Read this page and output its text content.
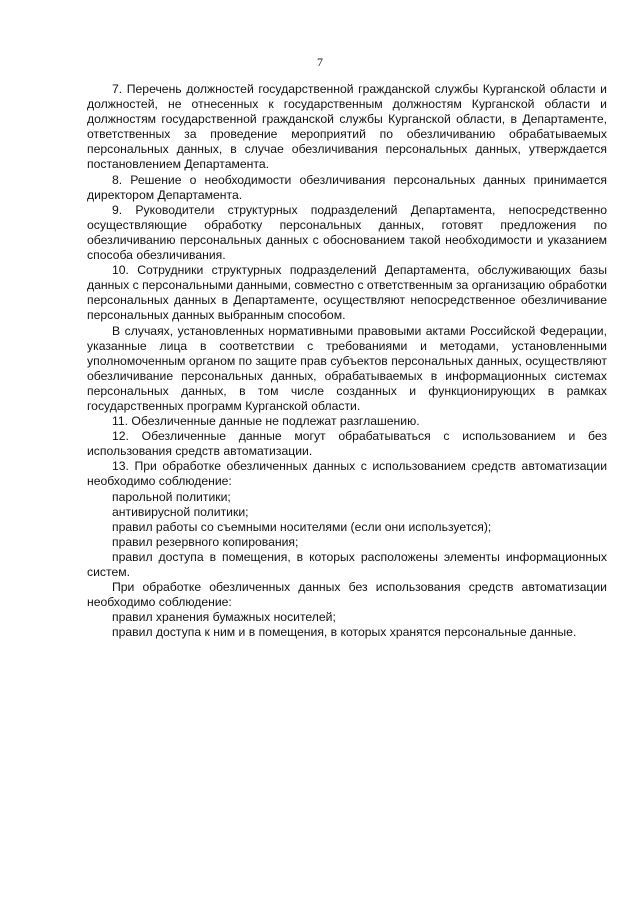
7

7. Перечень должностей государственной гражданской службы Курганской области и должностей, не отнесенных к государственным должностям Курганской области и должностям государственной гражданской службы Курганской области, в Департаменте, ответственных за проведение мероприятий по обезличиванию обрабатываемых персональных данных, в случае обезличивания персональных данных, утверждается постановлением Департамента.

8. Решение о необходимости обезличивания персональных данных принимается директором Департамента.

9. Руководители структурных подразделений Департамента, непосредственно осуществляющие обработку персональных данных, готовят предложения по обезличиванию персональных данных с обоснованием такой необходимости и указанием способа обезличивания.

10. Сотрудники структурных подразделений Департамента, обслуживающих базы данных с персональными данными, совместно с ответственным за организацию обработки персональных данных в Департаменте, осуществляют непосредственное обезличивание персональных данных выбранным способом.

В случаях, установленных нормативными правовыми актами Российской Федерации, указанные лица в соответствии с требованиями и методами, установленными уполномоченным органом по защите прав субъектов персональных данных, осуществляют обезличивание персональных данных, обрабатываемых в информационных системах персональных данных, в том числе созданных и функционирующих в рамках государственных программ Курганской области.

11. Обезличенные данные не подлежат разглашению.

12. Обезличенные данные могут обрабатываться с использованием и без использования средств автоматизации.

13. При обработке обезличенных данных с использованием средств автоматизации необходимо соблюдение:

парольной политики;

антивирусной политики;

правил работы со съемными носителями (если они используется);

правил резервного копирования;

правил доступа в помещения, в которых расположены элементы информационных систем.

При обработке обезличенных данных без использования средств автоматизации необходимо соблюдение:

правил хранения бумажных носителей;

правил доступа к ним и в помещения, в которых хранятся персональные данные.
